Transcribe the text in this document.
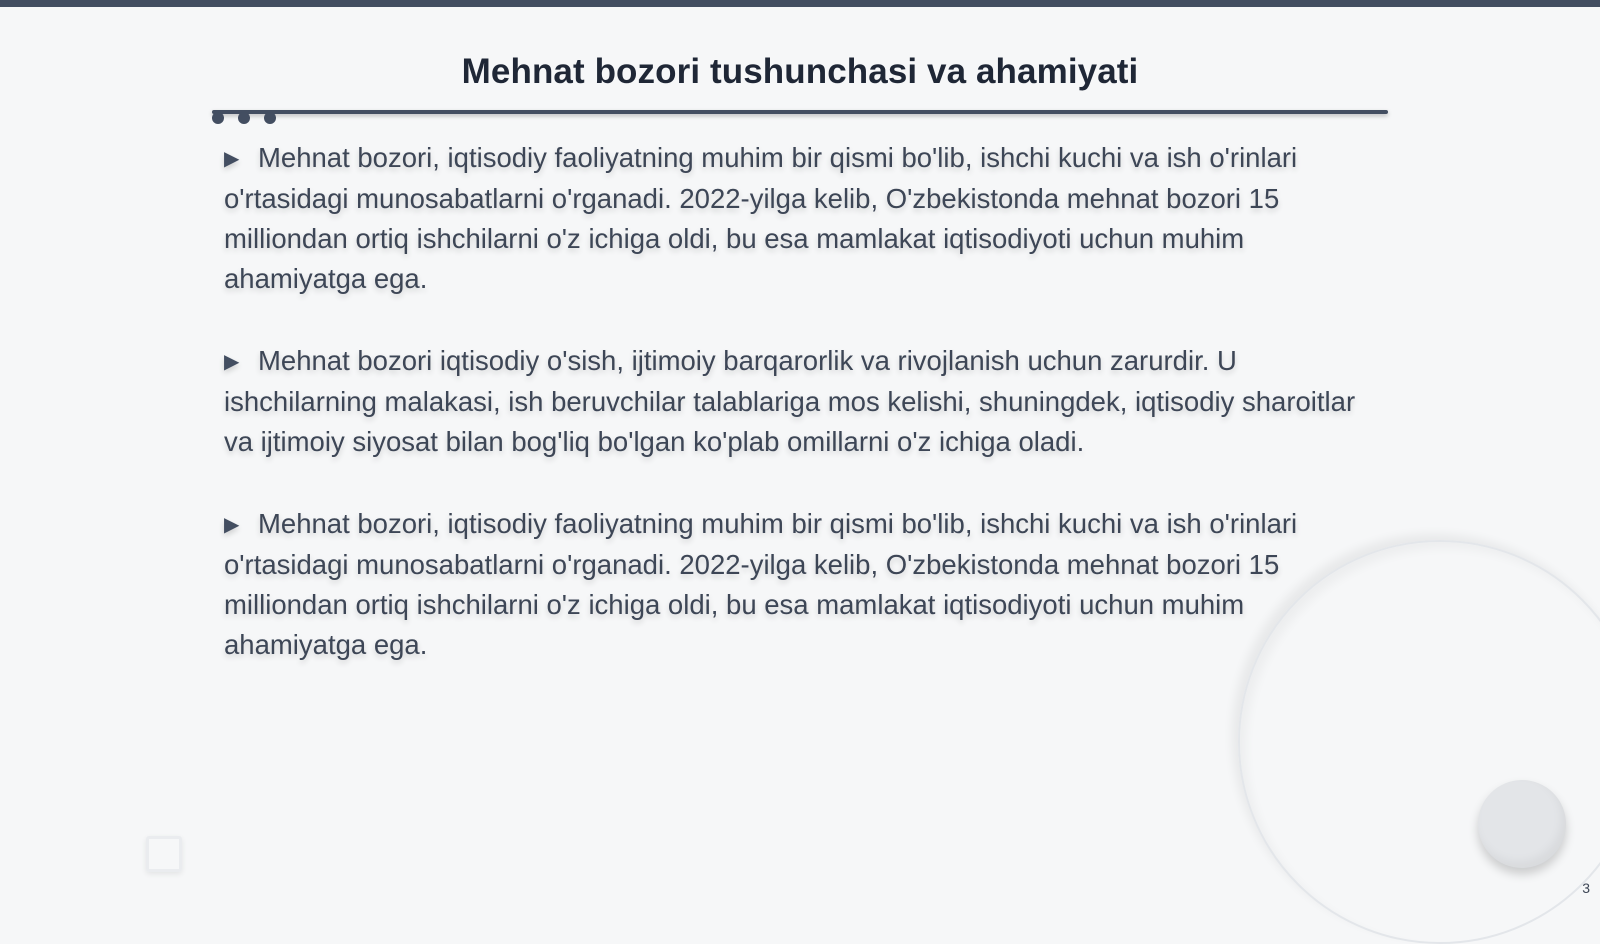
Mehnat bozori tushunchasi va ahamiyati

▶ Mehnat bozori, iqtisodiy faoliyatning muhim bir qismi bo'lib, ishchi kuchi va ish o'rinlari o'rtasidagi munosabatlarni o'rganadi. 2022-yilga kelib, O'zbekistonda mehnat bozori 15 milliondan ortiq ishchilarni o'z ichiga oldi, bu esa mamlakat iqtisodiyoti uchun muhim ahamiyatga ega.

▶ Mehnat bozori iqtisodiy o'sish, ijtimoiy barqarorlik va rivojlanish uchun zarurdir. U ishchilarning malakasi, ish beruvchilar talablariga mos kelishi, shuningdek, iqtisodiy sharoitlar va ijtimoiy siyosat bilan bog'liq bo'lgan ko'plab omillarni o'z ichiga oladi.

▶ Mehnat bozori, iqtisodiy faoliyatning muhim bir qismi bo'lib, ishchi kuchi va ish o'rinlari o'rtasidagi munosabatlarni o'rganadi. 2022-yilga kelib, O'zbekistonda mehnat bozori 15 milliondan ortiq ishchilarni o'z ichiga oldi, bu esa mamlakat iqtisodiyoti uchun muhim ahamiyatga ega.

3
